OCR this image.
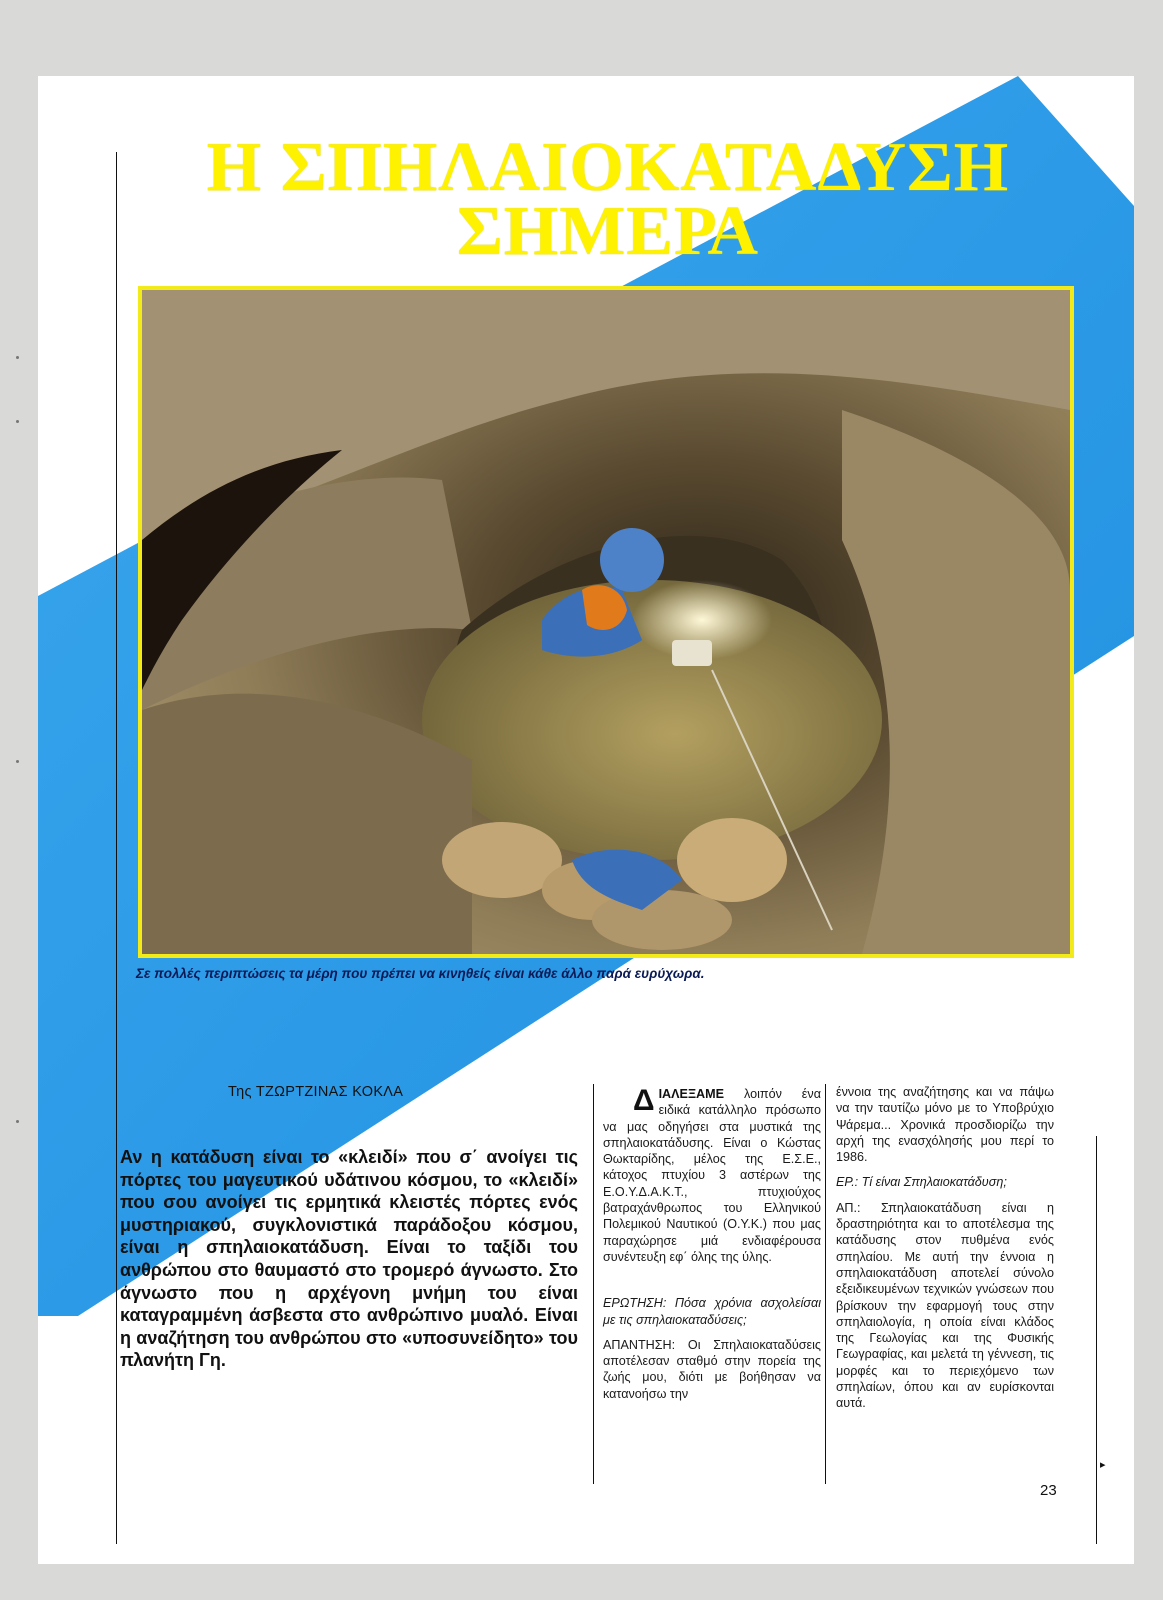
Η ΣΠΗΛΑΙΟΚΑΤΑΔΥΣΗ
ΣΗΜΕΡΑ
Σε πολλές περιπτώσεις τα μέρη που πρέπει να κινηθείς είναι κάθε άλλο παρά ευρύχωρα.
Της ΤΖΩΡΤΖΙΝΑΣ ΚΟΚΛΑ

Αν η κατάδυση είναι το «κλειδί» που σ΄ ανοίγει τις πόρτες του μαγευτικού υδάτινου κόσμου, το «κλειδί» που σου ανοίγει τις ερμητικά κλειστές πόρτες ενός μυστηριακού, συγκλονιστικά παράδοξου κόσμου, είναι η σπηλαιοκατάδυση. Είναι το ταξίδι του ανθρώπου στο θαυμαστό στο τρομερό άγνωστο. Στο άγνωστο που η αρχέγονη μνήμη του είναι καταγραμμένη άσβεστα στο ανθρώπινο μυαλό. Είναι η αναζήτηση του ανθρώπου στο «υποσυνείδητο» του πλανήτη Γη.

Δ ΙΑΛΕΞΑΜΕ λοιπόν ένα ειδικά κατάλληλο πρόσωπο να μας οδηγήσει στα μυστικά της σπηλαιοκατάδυσης. Είναι ο Κώστας Θωκταρίδης, μέλος της Ε.Σ.Ε., κάτοχος πτυχίου 3 αστέρων της Ε.Ο.Υ.Δ.Α.Κ.Τ., πτυχιούχος βατραχάνθρωπος του Ελληνικού Πολεμικού Ναυτικού (Ο.Υ.Κ.) που μας παραχώρησε μιά ενδιαφέρουσα συνέντευξη εφ΄ όλης της ύλης.

ΕΡΩΤΗΣΗ: Πόσα χρόνια ασχολείσαι με τις σπηλαιοκαταδύσεις;

ΑΠΑΝΤΗΣΗ: Οι Σπηλαιοκαταδύσεις αποτέλεσαν σταθμό στην πορεία της ζωής μου, διότι με βοήθησαν να κατανοήσω την

έννοια της αναζήτησης και να πάψω να την ταυτίζω μόνο με το Υποβρύχιο Ψάρεμα... Χρονικά προσδιορίζω την αρχή της ενασχόλησής μου περί το 1986.

ΕΡ.: Τί είναι Σπηλαιοκατάδυση;

ΑΠ.: Σπηλαιοκατάδυση είναι η δραστηριότητα και το αποτέλεσμα της κατάδυσης στον πυθμένα ενός σπηλαίου. Με αυτή την έννοια η σπηλαιοκατάδυση αποτελεί σύνολο εξειδικευμένων τεχνικών γνώσεων που βρίσκουν την εφαρμογή τους στην σπηλαιολογία, η οποία είναι κλάδος της Γεωλογίας και της Φυσικής Γεωγραφίας, και μελετά τη γέννεση, τις μορφές και το περιεχόμενο των σπηλαίων, όπου και αν ευρίσκονται αυτά.

▸
23
